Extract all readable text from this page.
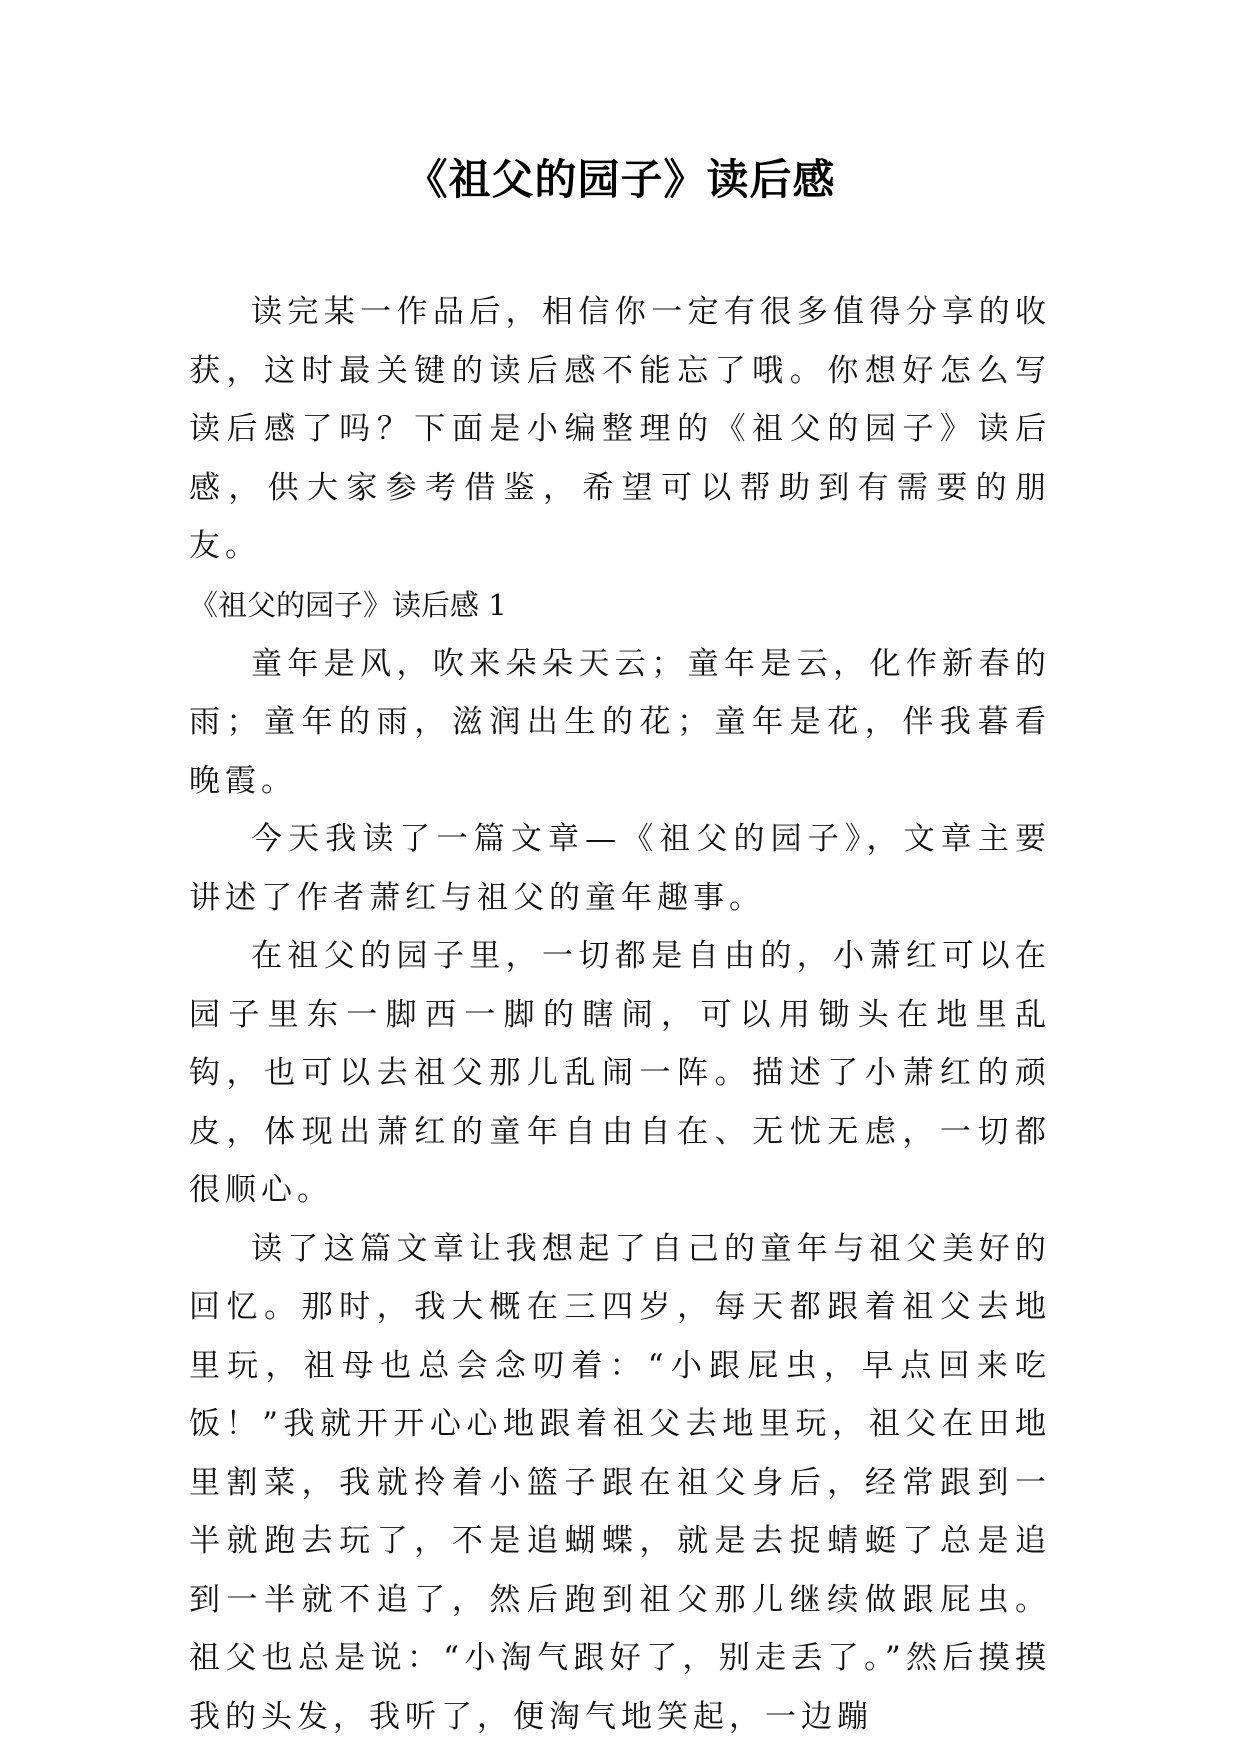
《祖父的园子》读后感

读完某一作品后，相信你一定有很多值得分享的收获，这时最关键的读后感不能忘了哦。你想好怎么写读后感了吗？下面是小编整理的《祖父的园子》读后感，供大家参考借鉴，希望可以帮助到有需要的朋友。

《祖父的园子》读后感 1

童年是风，吹来朵朵天云；童年是云，化作新春的雨；童年的雨，滋润出生的花；童年是花，伴我暮看晚霞。

今天我读了一篇文章—《祖父的园子》，文章主要讲述了作者萧红与祖父的童年趣事。

在祖父的园子里，一切都是自由的，小萧红可以在园子里东一脚西一脚的瞎闹，可以用锄头在地里乱钩，也可以去祖父那儿乱闹一阵。描述了小萧红的顽皮，体现出萧红的童年自由自在、无忧无虑，一切都很顺心。

读了这篇文章让我想起了自己的童年与祖父美好的回忆。那时，我大概在三四岁，每天都跟着祖父去地里玩，祖母也总会念叨着：“小跟屁虫，早点回来吃饭！”我就开开心心地跟着祖父去地里玩，祖父在田地里割菜，我就拎着小篮子跟在祖父身后，经常跟到一半就跑去玩了，不是追蝴蝶，就是去捉蜻蜓了总是追到一半就不追了，然后跑到祖父那儿继续做跟屁虫。祖父也总是说：“小淘气跟好了，别走丢了。”然后摸摸我的头发，我听了，便淘气地笑起，一边蹦
